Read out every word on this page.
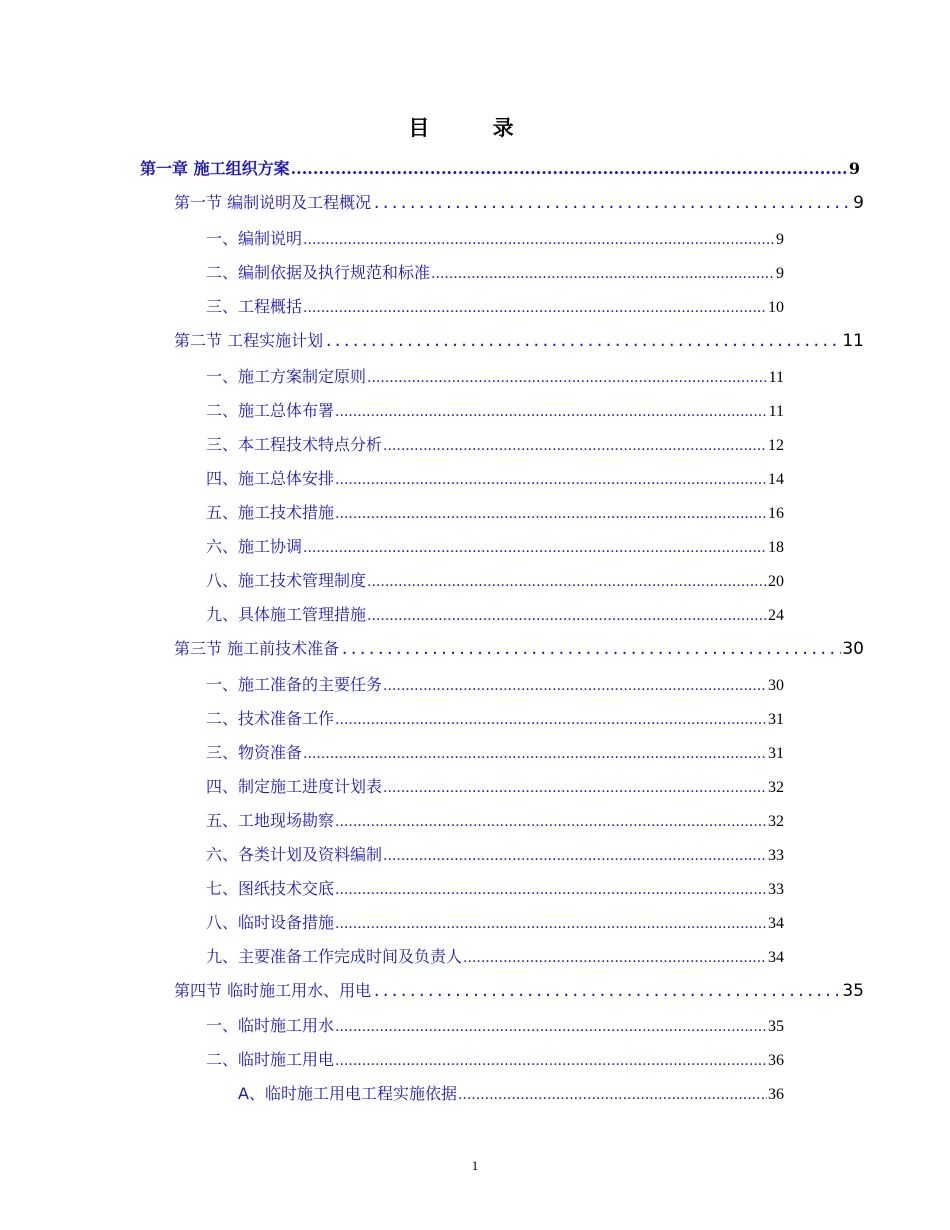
目 录
第一章 施工组织方案 .....	9
第一节 编制说明及工程概况 .....	9
一、编制说明 .....	9
二、编制依据及执行规范和标准 .....	9
三、工程概括 .....	10
第二节 工程实施计划 .....	11
一、施工方案制定原则 .....	11
二、施工总体布署 .....	11
三、本工程技术特点分析 .....	12
四、施工总体安排 .....	14
五、施工技术措施 .....	16
六、施工协调 .....	18
八、施工技术管理制度 .....	20
九、具体施工管理措施 .....	24
第三节 施工前技术准备 .....	30
一、施工准备的主要任务 .....	30
二、技术准备工作 .....	31
三、物资准备 .....	31
四、制定施工进度计划表 .....	32
五、工地现场勘察 .....	32
六、各类计划及资料编制 .....	33
七、图纸技术交底 .....	33
八、临时设备措施 .....	34
九、主要准备工作完成时间及负责人 .....	34
第四节 临时施工用水、用电 .....	35
一、临时施工用水 .....	35
二、临时施工用电 .....	36
A、临时施工用电工程实施依据 .....	36
1
